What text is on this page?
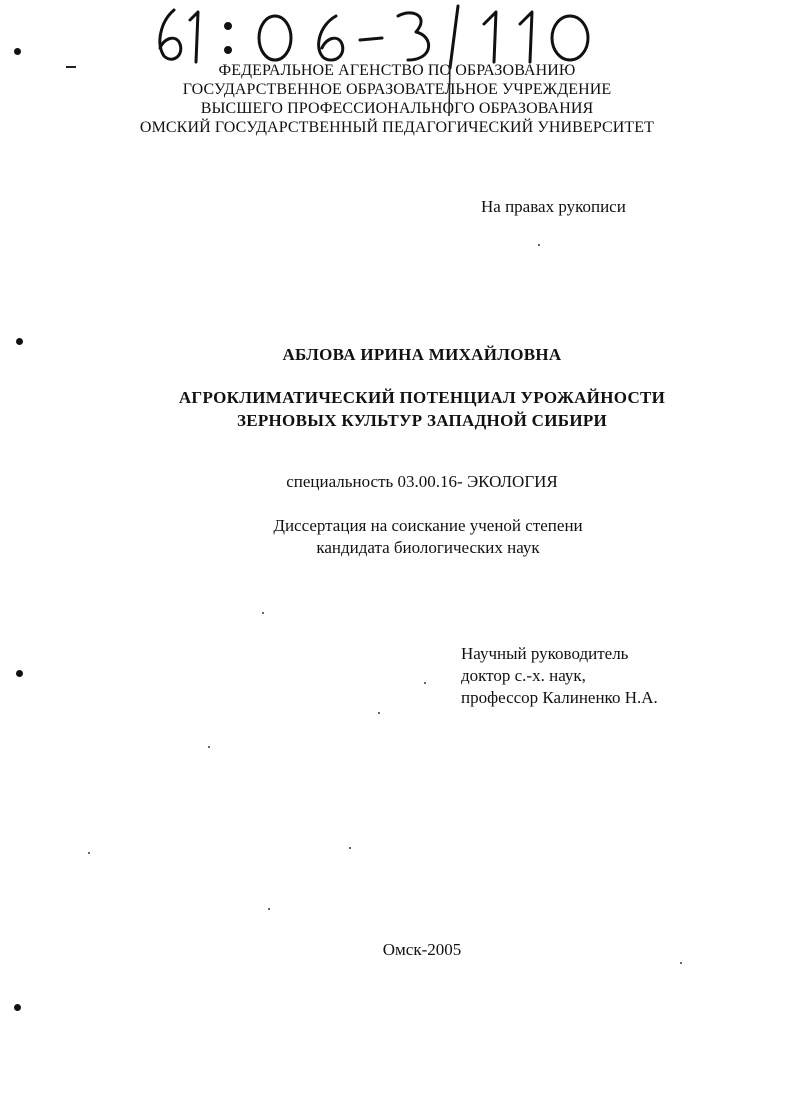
ФЕДЕРАЛЬНОЕ АГЕНСТВО ПО ОБРАЗОВАНИЮ
ГОСУДАРСТВЕННОЕ ОБРАЗОВАТЕЛЬНОЕ УЧРЕЖДЕНИЕ
ВЫСШЕГО ПРОФЕССИОНАЛЬНОГО ОБРАЗОВАНИЯ
ОМСКИЙ ГОСУДАРСТВЕННЫЙ ПЕДАГОГИЧЕСКИЙ УНИВЕРСИТЕТ
На правах рукописи
АБЛОВА ИРИНА МИХАЙЛОВНА
АГРОКЛИМАТИЧЕСКИЙ ПОТЕНЦИАЛ УРОЖАЙНОСТИ
ЗЕРНОВЫХ КУЛЬТУР ЗАПАДНОЙ СИБИРИ
специальность 03.00.16- ЭКОЛОГИЯ
Диссертация на соискание ученой степени
кандидата биологических наук
Научный руководитель
доктор с.-х. наук,
профессор Калиненко Н.А.
Омск-2005
